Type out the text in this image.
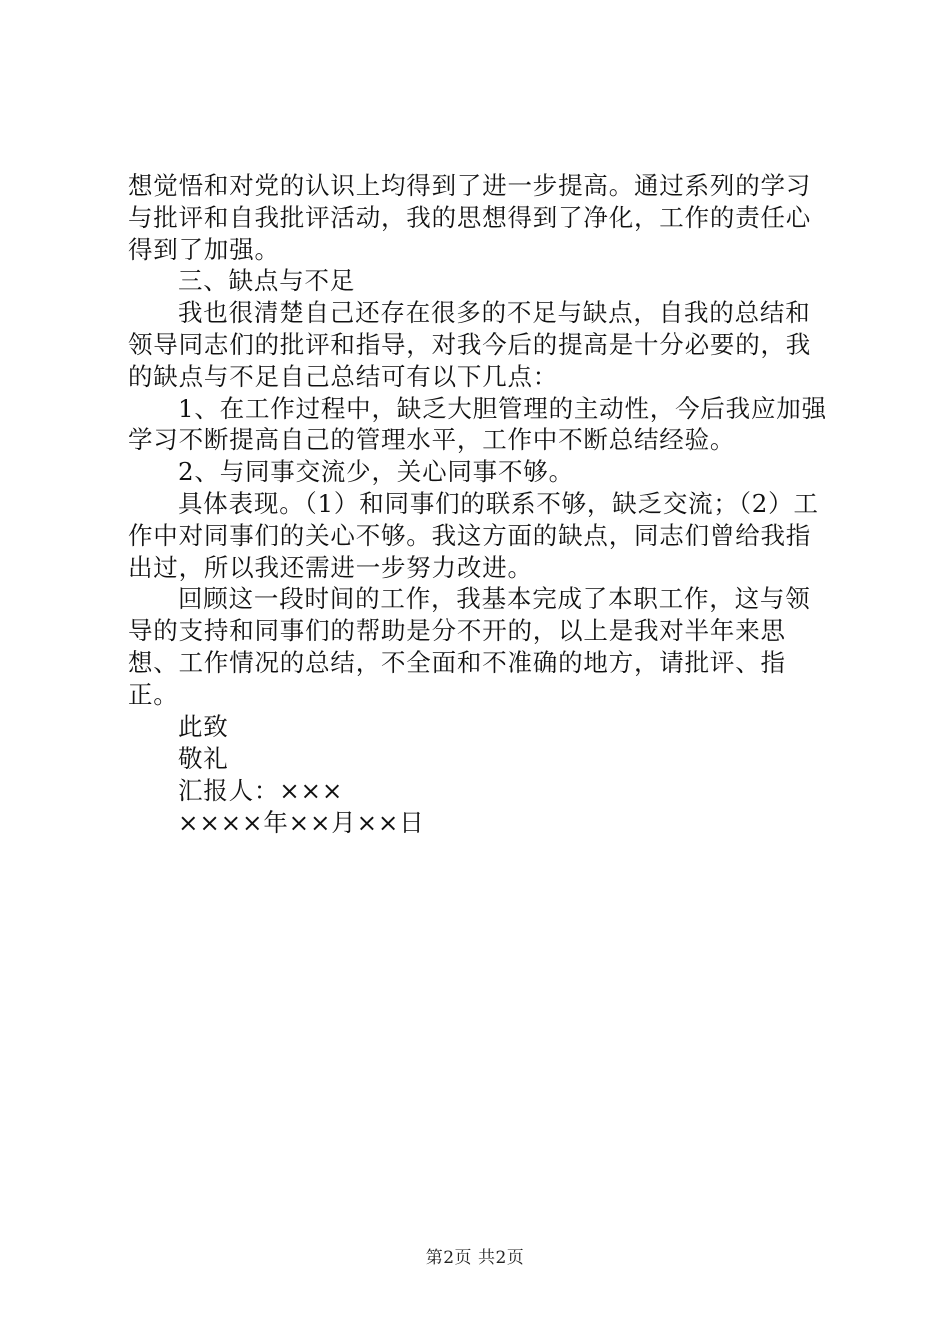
想觉悟和对党的认识上均得到了进一步提高。通过系列的学习与批评和自我批评活动，我的思想得到了净化，工作的责任心得到了加强。

三、缺点与不足

我也很清楚自己还存在很多的不足与缺点，自我的总结和领导同志们的批评和指导，对我今后的提高是十分必要的，我的缺点与不足自己总结可有以下几点：

1、在工作过程中，缺乏大胆管理的主动性，今后我应加强学习不断提高自己的管理水平，工作中不断总结经验。

2、与同事交流少，关心同事不够。

具体表现。（1）和同事们的联系不够，缺乏交流；（2）工作中对同事们的关心不够。我这方面的缺点，同志们曾给我指出过，所以我还需进一步努力改进。

回顾这一段时间的工作，我基本完成了本职工作，这与领导的支持和同事们的帮助是分不开的，以上是我对半年来思想、工作情况的总结，不全面和不准确的地方，请批评、指正。

此致

敬礼

汇报人：×××

××××年××月××日

第2页 共2页
